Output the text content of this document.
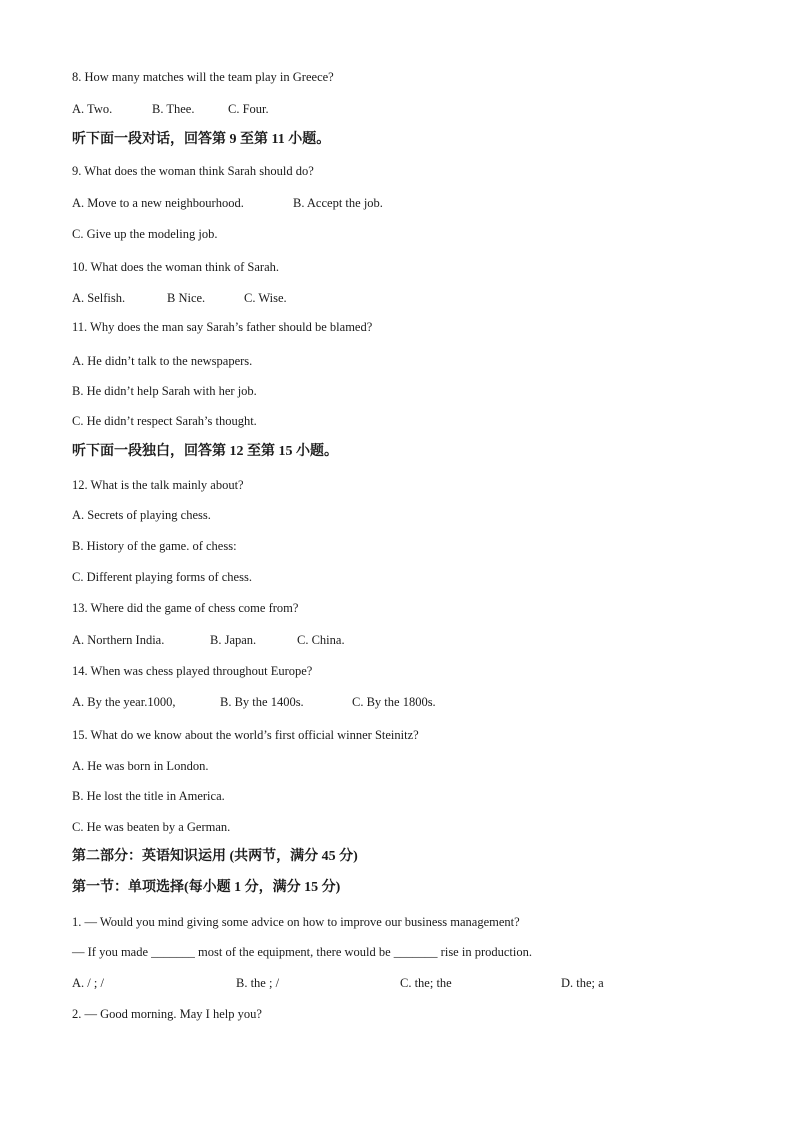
8. How many matches will the team play in Greece?
A. Two.	B. Thee.	C. Four.
听下面一段对话，回答第 9 至第 11 小题。
9. What does the woman think Sarah should do?
A. Move to a new neighbourhood.	B. Accept the job.
C. Give up the modeling job.
10. What does the woman think of Sarah.
A. Selfish.	B Nice.	C. Wise.
11. Why does the man say Sarah’s father should be blamed?
A. He didn’t talk to the newspapers.
B. He didn’t help Sarah with her job.
C. He didn’t respect Sarah’s thought.
听下面一段独白，回答第 12 至第 15 小题。
12. What is the talk mainly about?
A. Secrets of playing chess.
B. History of the game. of chess:
C. Different playing forms of chess.
13. Where did the game of chess come from?
A. Northern India.	B. Japan.	C. China.
14. When was chess played throughout Europe?
A. By the year.1000,	B. By the 1400s.	C. By the 1800s.
15. What do we know about the world’s first official winner Steinitz?
A. He was born in London.
B. He lost the title in America.
C. He was beaten by a German.
第二部分：英语知识运用 (共两节，满分 45 分)
第一节：单项选择(每小题 1 分，满分 15 分)
1. — Would you mind giving some advice on how to improve our business management?
— If you made _______ most of the equipment, there would be _______ rise in production.
A. / ; /	B. the ; /	C. the; the	D. the; a
2. — Good morning. May I help you?
